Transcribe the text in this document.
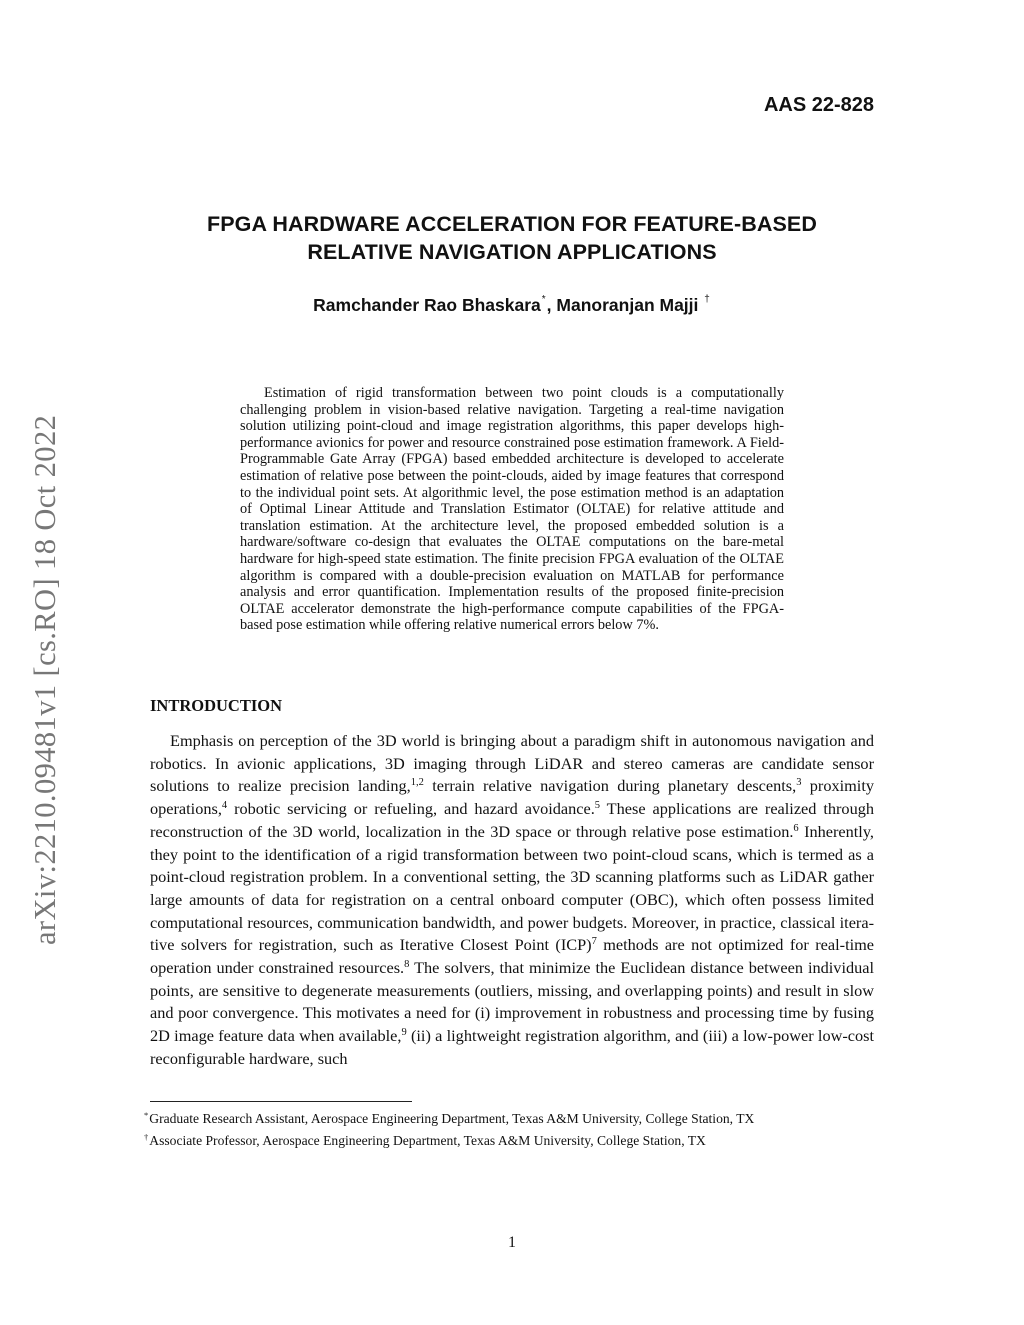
AAS 22-828
FPGA HARDWARE ACCELERATION FOR FEATURE-BASED
RELATIVE NAVIGATION APPLICATIONS
Ramchander Rao Bhaskara*, Manoranjan Majji †
arXiv:2210.09481v1 [cs.RO] 18 Oct 2022
Estimation of rigid transformation between two point clouds is a computationally challenging problem in vision-based relative navigation. Targeting a real-time navigation solution utilizing point-cloud and image registration algorithms, this paper develops high-performance avionics for power and resource constrained pose estimation framework. A Field-Programmable Gate Array (FPGA) based embedded architecture is developed to accelerate estimation of relative pose between the point-clouds, aided by image features that correspond to the individual point sets. At algorithmic level, the pose estimation method is an adaptation of Optimal Linear Attitude and Translation Estimator (OLTAE) for relative attitude and translation estimation. At the architecture level, the proposed embedded solution is a hardware/software co-design that evaluates the OLTAE computations on the bare-metal hardware for high-speed state estimation. The finite precision FPGA evaluation of the OLTAE algorithm is compared with a double-precision evaluation on MATLAB for performance analysis and error quantification. Implementation results of the proposed finite-precision OLTAE accelerator demonstrate the high-performance compute capabilities of the FPGA-based pose estimation while offering relative numerical errors below 7%.
INTRODUCTION
Emphasis on perception of the 3D world is bringing about a paradigm shift in autonomous navigation and robotics. In avionic applications, 3D imaging through LiDAR and stereo cameras are candidate sensor solutions to realize precision landing,$^{1,2}$ terrain relative navigation during planetary descents,$^3$ proximity operations,$^4$ robotic servicing or refueling, and hazard avoidance.$^5$ These applications are realized through reconstruction of the 3D world, localization in the 3D space or through relative pose estimation.$^6$ Inherently, they point to the identification of a rigid transformation between two point-cloud scans, which is termed as a point-cloud registration problem. In a conventional setting, the 3D scanning platforms such as LiDAR gather large amounts of data for registration on a central onboard computer (OBC), which often possess limited computational resources, communication bandwidth, and power budgets. Moreover, in practice, classical iterative solvers for registration, such as Iterative Closest Point (ICP)$^7$ methods are not optimized for real-time operation under constrained resources.$^8$ The solvers, that minimize the Euclidean distance between individual points, are sensitive to degenerate measurements (outliers, missing, and overlapping points) and result in slow and poor convergence. This motivates a need for (i) improvement in robustness and processing time by fusing 2D image feature data when available,$^9$ (ii) a lightweight registration algorithm, and (iii) a low-power low-cost reconfigurable hardware, such
*Graduate Research Assistant, Aerospace Engineering Department, Texas A&M University, College Station, TX
†Associate Professor, Aerospace Engineering Department, Texas A&M University, College Station, TX
1
